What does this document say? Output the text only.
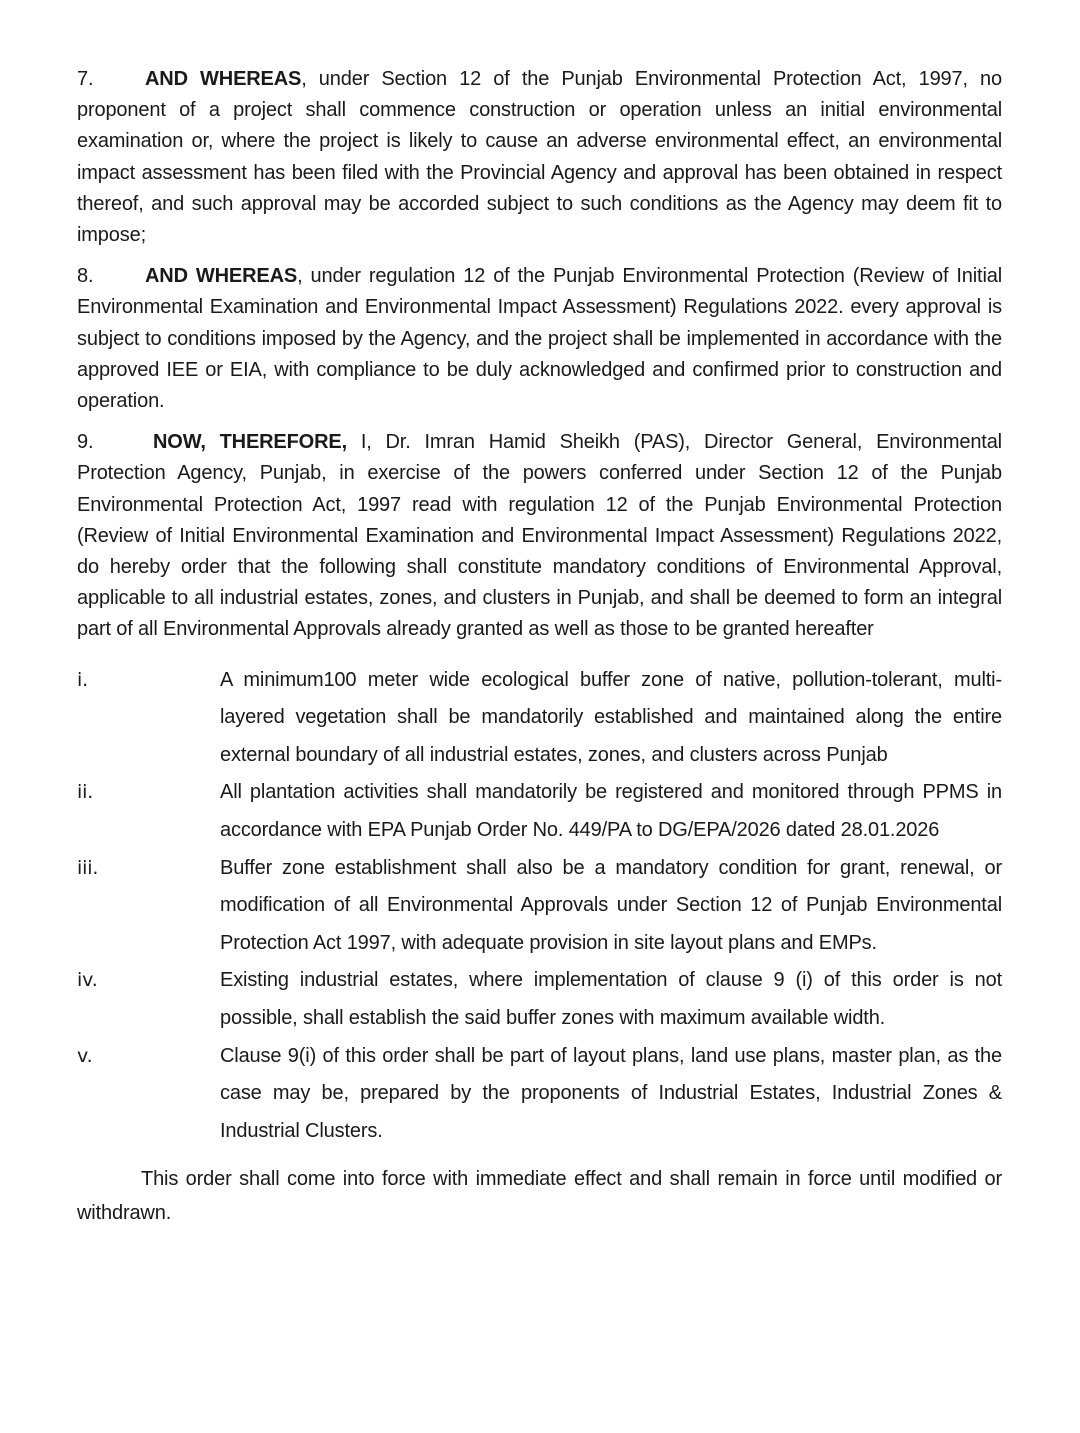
7.	AND WHEREAS, under Section 12 of the Punjab Environmental Protection Act, 1997, no proponent of a project shall commence construction or operation unless an initial environmental examination or, where the project is likely to cause an adverse environmental effect, an environmental impact assessment has been filed with the Provincial Agency and approval has been obtained in respect thereof, and such approval may be accorded subject to such conditions as the Agency may deem fit to impose;

8.	AND WHEREAS, under regulation 12 of the Punjab Environmental Protection (Review of Initial Environmental Examination and Environmental Impact Assessment) Regulations 2022. every approval is subject to conditions imposed by the Agency, and the project shall be implemented in accordance with the approved IEE or EIA, with compliance to be duly acknowledged and confirmed prior to construction and operation.

9.	NOW, THEREFORE, I, Dr. Imran Hamid Sheikh (PAS), Director General, Environmental Protection Agency, Punjab, in exercise of the powers conferred under Section 12 of the Punjab Environmental Protection Act, 1997 read with regulation 12 of the Punjab Environmental Protection (Review of Initial Environmental Examination and Environmental Impact Assessment) Regulations 2022, do hereby order that the following shall constitute mandatory conditions of Environmental Approval, applicable to all industrial estates, zones, and clusters in Punjab, and shall be deemed to form an integral part of all Environmental Approvals already granted as well as those to be granted hereafter

i.	A minimum100 meter wide ecological buffer zone of native, pollution-tolerant, multi-layered vegetation shall be mandatorily established and maintained along the entire external boundary of all industrial estates, zones, and clusters across Punjab
ii.	All plantation activities shall mandatorily be registered and monitored through PPMS in accordance with EPA Punjab Order No. 449/PA to DG/EPA/2026 dated 28.01.2026
iii.	Buffer zone establishment shall also be a mandatory condition for grant, renewal, or modification of all Environmental Approvals under Section 12 of Punjab Environmental Protection Act 1997, with adequate provision in site layout plans and EMPs.
iv.	Existing industrial estates, where implementation of clause 9 (i) of this order is not possible, shall establish the said buffer zones with maximum available width.
v.	Clause 9(i) of this order shall be part of layout plans, land use plans, master plan, as the case may be, prepared by the proponents of Industrial Estates, Industrial Zones & Industrial Clusters.

This order shall come into force with immediate effect and shall remain in force until modified or withdrawn.
